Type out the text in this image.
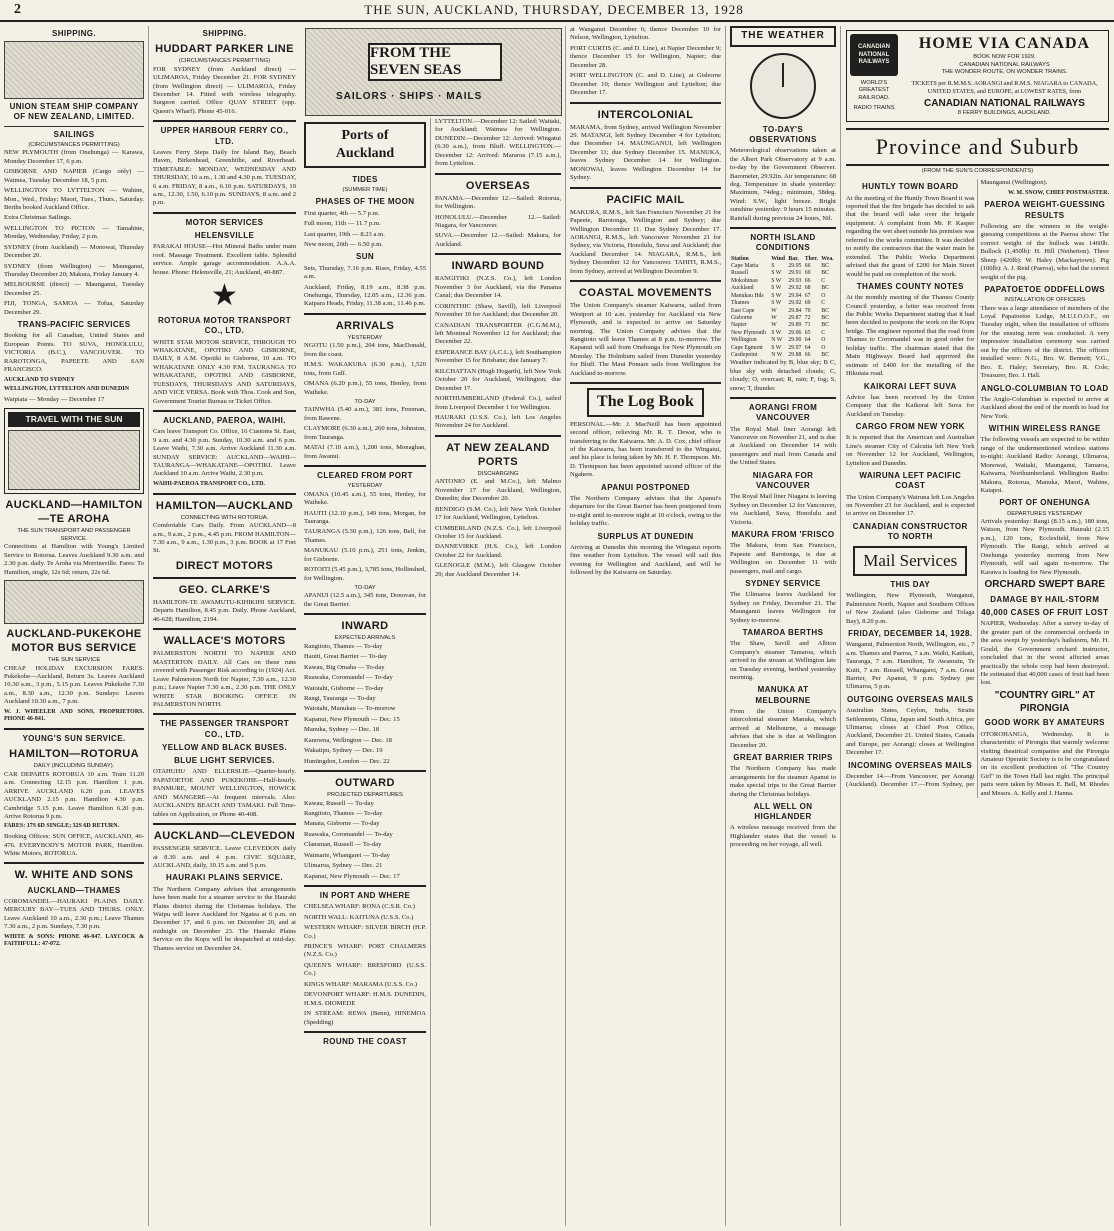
2	THE SUN, AUCKLAND, THURSDAY, DECEMBER 13, 1928
SHIPPING.
UNION STEAM SHIP COMPANY OF NEW ZEALAND, LIMITED.
SAILINGS
(CIRCUMSTANCES PERMITTING)

NEW PLYMOUTH (from Onehunga) — Karawa, Monday December 17, 6 p.m.

GISBORNE AND NAPIER (Cargo only) — Waimea, Tuesday December 18, 5 p.m.

WELLINGTON TO LYTTELTON — Wahine, Mon., Wed., Friday; Maori, Tues., Thurs., Saturday. Berths booked Auckland Office.

Extra Christmas Sailings.

WELLINGTON TO PICTON — Tamahine, Monday, Wednesday, Friday, 2 p.m.

SYDNEY (from Auckland) — Monowai, Thursday December 20.

SYDNEY (from Wellington) — Maunganui, Thursday December 20; Makura, Friday January 4.

MELBOURNE (direct) — Maunganui, Tuesday December 25.

FIJI, TONGA, SAMOA — Tofua, Saturday December 29.

TRANS-PACIFIC SERVICES

Booking for all Canadian, United States and European Points. TO SUVA, HONOLULU, VICTORIA (B.C.), VANCOUVER. TO RAROTONGA, PAPEETE AND SAN FRANCISCO.

AUCKLAND TO SYDNEY

WELLINGTON, LYTTELTON AND DUNEDIN

Waipiata — Monday — December 17

TRAVEL WITH THE SUN
AUCKLAND—HAMILTON—TE AROHA
THE SUN TRANSPORT AND PASSENGER SERVICE.

Connections at Hamilton with Young's Limited Service to Rotorua. Leaves Auckland 9.30 a.m. and 2.30 p.m. daily. Te Aroha via Morrinsville. Fares: To Hamilton, single, 12s 6d; return, 22s 6d.

AUCKLAND-PUKEKOHE MOTOR BUS SERVICE
THE SUN SERVICE

CHEAP HOLIDAY EXCURSION FARES. Pukekohe—Auckland, Return 3s. Leaves Auckland 10.30 a.m., 3 p.m., 5.15 p.m. Leaves Pukekohe 7.30 a.m., 8.30 a.m., 12.30 p.m. Sundays: Leaves Auckland 10.30 a.m., 7 p.m.

W. J. WHEELER AND SONS, PROPRIETORS. PHONE 46-841.

YOUNG'S SUN SERVICE.
HAMILTON—ROTORUA
DAILY (INCLUDING SUNDAY).

CAR DEPARTS ROTORUA 10 a.m. Train 11.20 a.m. Connecting 12.15 p.m. Hamilton 1 p.m. ARRIVE AUCKLAND 6.20 p.m. LEAVES AUCKLAND 2.15 p.m. Hamilton 4.30 p.m. Cambridge 5.15 p.m. Leave Hamilton 6.20 p.m. Arrive Rotorua 9 p.m.

FARES: 17S 6D SINGLE; 32S 6D RETURN.

Booking Offices: SUN OFFICE, AUCKLAND, 46-476. EVERYBODY'S MOTOR PARK, Hamilton. White Motors, ROTORUA.

W. WHITE AND SONS
AUCKLAND—THAMES

COROMANDEL—HAURAKI PLAINS DAILY. MERCURY BAY—TUES AND THURS. ONLY. Leave Auckland 10 a.m., 2.30 p.m.; Leave Thames 7.30 a.m., 2 p.m. Sundays, 7.30 p.m.

WHITE & SONS: PHONE 46-047. LAYCOCK & FAITHFULL: 47-072.

SHIPPING.
HUDDART PARKER LINE
(CIRCUMSTANCES PERMITTING)

FOR SYDNEY (from Auckland direct) — ULIMAROA, Friday December 21. FOR SYDNEY (from Wellington direct) — ULIMAROA, Friday December 14. Fitted with wireless telegraphy. Surgeon carried. Office QUAY STREET (opp. Queen's Wharf). Phone 45-016.

UPPER HARBOUR FERRY CO., LTD.

Leaves Ferry Steps Daily for Island Bay, Beach Haven, Birkenhead, Greenhithe, and Riverhead. TIMETABLE: MONDAY, WEDNESDAY AND THURSDAY, 10 a.m., 1.30 and 4.30 p.m. TUESDAY, 6 a.m. FRIDAY, 8 a.m., 6.10 p.m. SATURDAYS, 10 a.m., 12.30, 1.50, 6.10 p.m. SUNDAYS, 8 a.m. and 2 p.m.

MOTOR SERVICES
HELENSVILLE

PARAKAI HOUSE—Hot Mineral Baths under main roof. Massage Treatment. Excellent table. Splendid service. Ample garage accommodation. A.A.A. house. Phone: Helensville, 21; Auckland, 40-887.

★
ROTORUA MOTOR TRANSPORT CO., LTD.

WHITE STAR MOTOR SERVICE, THROUGH TO WHAKATANE, OPOTIKI AND GISBORNE, DAILY, 8 A.M. Opotiki to Gisborne, 10 a.m. TO WHAKATANE ONLY 4.30 P.M. TAURANGA TO WHAKATANE, OPOTIKI AND GISBORNE, TUESDAYS, THURSDAYS AND SATURDAYS, AND VICE VERSA. Book with Thos. Cook and Son, Government Tourist Bureau or Ticket Office.

AUCKLAND, PAEROA, WAIHI.

Cars leave Transport Co. Office, 16 Customs St. East, 9 a.m. and 4.30 p.m. Sunday, 10.30 a.m. and 6 p.m. Leave Waihi, 7.30 a.m. Arrive Auckland 11.30 a.m. SUNDAY SERVICE: AUCKLAND—WAIHI—TAURANGA—WHAKATANE—OPOTIKI. Leave Auckland 10 a.m. Arrive Waihi, 2.30 p.m.

WAIHI-PAEROA TRANSPORT CO., LTD.

HAMILTON—AUCKLAND
CONNECTING WITH ROTORUA.

Comfortable Cars Daily. From AUCKLAND—8 a.m., 9 a.m., 2 p.m., 4.45 p.m. FROM HAMILTON—7.30 a.m., 9 a.m., 1.30 p.m., 3 p.m. BOOK at 17 Fort St.

DIRECT MOTORS
GEO. CLARKE'S

HAMILTON-TE AWAMUTU-KIHIKIHI SERVICE. Departs Hamilton, 8.45 p.m. Daily. Phone Auckland, 46-628; Hamilton, 2194.

WALLACE'S MOTORS

PALMERSTON NORTH TO NAPIER AND MASTERTON DAILY. All Cars on these runs covered with Passenger Risk according to (1924) Act. Leave Palmerston North for Napier, 7.30 a.m., 12.30 p.m.; Leave Napier 7.30 a.m., 2.30 p.m. THE ONLY WHITE STAR BOOKING OFFICE IN PALMERSTON NORTH.

THE PASSENGER TRANSPORT CO., LTD.
YELLOW AND BLACK BUSES.
BLUE LIGHT SERVICES.

OTAHUHU AND ELLERSLIE—Quarter-hourly. PAPATOETOE AND PUKEKOHE—Half-hourly. PANMURE, MOUNT WELLINGTON, HOWICK AND MANGERE—At frequent intervals. Also: AUCKLAND'S BEACH AND TAMAKI. Full Time-tables on Application, or Phone 40-408.

AUCKLAND—CLEVEDON

PASSENGER SERVICE. Leave CLEVEDON daily at 8.30 a.m. and 4 p.m. CIVIC SQUARE, AUCKLAND, daily, 10.15 a.m. and 5 p.m.

HAURAKI PLAINS SERVICE.

The Northern Company advises that arrangements have been made for a steamer service to the Hauraki Plains district during the Christmas holidays. The Waipu will leave Auckland for Ngatea at 6 p.m. on December 17, and 6 p.m. on December 20, and at midnight on December 23. The Hauraki Plains Service on the Kopu will be despatched at mid-day. Thames service on December 24.

FROM THE SEVEN SEAS
SAILORS · SHIPS · MAILS
Ports of Auckland
TIDES
(SUMMER TIME)
PHASES OF THE MOON

First quarter, 4th — 5.7 p.m.

Full moon, 11th — 11.7 p.m.

Last quarter, 19th — 8.23 a.m.

New moon, 26th — 6.50 p.m.

SUN

Sets, Thursday, 7.16 p.m. Rises, Friday, 4.55 a.m.

Auckland, Friday, 8.19 a.m., 8.38 p.m. Onehunga, Thursday, 12.05 a.m., 12.36 p.m. Kaipara Heads, Friday, 11.38 a.m., 11.46 p.m.

ARRIVALS
YESTERDAY

NGOTU (1.50 p.m.), 204 tons, MacDonald, from the coast.

H.M.S. WAKAKURA (6.30 p.m.), 1,520 tons, from Gulf.

OMANA (6.20 p.m.), 55 tons, Henley, from Waiheke.

TO-DAY

TAINWHA (5.40 a.m.), 381 tons, Freeman, from Rawene.

CLAYMORE (6.30 a.m.), 260 tons, Johnston, from Tauranga.

MATAI (7.10 a.m.), 1,200 tons, Monaghan, from Awanui.

CLEARED FROM PORT
YESTERDAY

OMANA (10.45 a.m.), 55 tons, Henley, for Waiheke.

HAUITI (12.10 p.m.), 149 tons, Morgan, for Tauranga.

TAURANGA (5.30 p.m.), 126 tons, Bell, for Thames.

MANUKAU (5.10 p.m.), 251 tons, Jenkin, for Gisborne.

ROTOITI (5.45 p.m.), 3,785 tons, Hollinshed, for Wellington.

TO-DAY

APANUI (12.5 a.m.), 345 tons, Donovan, for the Great Barrier.

INWARD
EXPECTED ARRIVALS

Rangitoto, Thames — To-day

Hauiti, Great Barrier — To-day

Kawau, Big Omaha — To-day

Ruawaka, Coromandel — To-day

Waiotahi, Gisborne — To-day

Rangi, Tauranga — To-day

Waiotahi, Manukau — To-morrow

Kapanui, New Plymouth — Dec. 15

Manuka, Sydney — Dec. 18

Kanowna, Wellington — Dec. 18

Wakatipu, Sydney — Dec. 19

Huntingdon, London — Dec. 22

OUTWARD
PROJECTED DEPARTURES

Kawau, Russell — To-day

Rangitoto, Thames — To-day

Manaia, Gisborne — To-day

Ruawaka, Coromandel — To-day

Clansman, Russell — To-day

Waimarie, Whangarei — To-day

Ulimaroa, Sydney — Dec. 21

Kapanui, New Plymouth — Dec. 17

IN PORT AND WHERE

CHELSEA WHARF: RONA (C.S.R. Co.)

NORTH WALL: KAITUNA (U.S.S. Co.)

WESTERN WHARF: SILVER BIRCH (H.P. Co.)

PRINCE'S WHARF: PORT CHALMERS (N.Z.S. Co.)

QUEEN'S WHARF: BRESFORD (U.S.S. Co.)

KINGS WHARF: MARAMA (U.S.S. Co.)

DEVONPORT WHARF: H.M.S. DUNEDIN, H.M.S. DIOMEDE

IN STREAM: REWA (Benn), HINEMOA (Spedding)

ROUND THE COAST

LYTTELTON.—December 12: Sailed: Waitaki, for Auckland; Waimea for Wellington. DUNEDIN.—December 12: Arrived: Wingatui (6.30 a.m.), from Bluff. WELLINGTON.—December 12: Arrived: Mararoa (7.15 a.m.), from Lyttelton.

OVERSEAS

PANAMA.—December 12.—Sailed: Rotorua, for Wellington.

HONOLULU.—December 12.—Sailed: Niagara, for Vancouver.

SUVA.—December 12.—Sailed: Makura, for Auckland.

INWARD BOUND

RANGITIKI (N.Z.S. Co.), left London November 3 for Auckland, via the Panama Canal; due December 14.

CORINTHIC (Shaw, Savill), left Liverpool November 10 for Auckland; due December 20.

CANADIAN TRANSPORTER (C.G.M.M.), left Montreal November 12 for Auckland; due December 22.

ESPERANCE BAY (A.C.L.), left Southampton November 15 for Brisbane; due January 7.

KILCHATTAN (Hugh Hogarth), left New York October 20 for Auckland, Wellington; due December 17.

NORTHUMBERLAND (Federal Co.), sailed from Liverpool December 1 for Wellington.

HAURAKI (U.S.S. Co.), left Los Angeles November 24 for Auckland.

AT NEW ZEALAND PORTS
DISCHARGING

ANTONIO (E. and M.Co.), left Malmo November 17 for Auckland, Wellington, Dunedin; due December 20.

BENDIGO (S.M. Co.), left New York October 17 for Auckland, Wellington, Lyttelton.

CUMBERLAND (N.Z.S. Co.), left Liverpool October 15 for Auckland.

DANNEVIRKE (H.S. Co.), left London October 22 for Auckland.

GLENOGLE (M.M.), left Glasgow October 29; due Auckland December 14.

at Wanganui December 6; thence December 10 for Nelson, Wellington, Lyttelton.

PORT CURTIS (C. and D. Line), at Napier December 9; thence December 15 for Wellington, Napier; due December 28.

PORT WELLINGTON (C. and D. Line), at Gisborne December 10; thence Wellington and Lyttelton; due December 17.

INTERCOLONIAL

MARAMA, from Sydney, arrived Wellington November 29. MATANGI, left Sydney December 4 for Lyttelton; due December 14. MAUNGANUI, left Wellington December 11; due Sydney December 15. MANUKA, leaves Sydney December 14 for Wellington. MONOWAI, leaves Wellington December 14 for Sydney.

PACIFIC MAIL

MAKURA, R.M.S., left San Francisco November 21 for Papeete, Rarotonga, Wellington and Sydney; due Wellington December 11. Due Sydney December 17. AORANGI, R.M.S., left Vancouver November 21 for Sydney, via Victoria, Honolulu, Suva and Auckland; due Auckland December 14. NIAGARA, R.M.S., left Sydney December 12 for Vancouver. TAHITI, R.M.S., from Sydney, arrived at Wellington December 9.

COASTAL MOVEMENTS

The Union Company's steamer Kaiwarra, sailed from Westport at 10 a.m. yesterday for Auckland via New Plymouth, and is expected to arrive on Saturday morning. The Union Company advises that the Rangitoto will leave Thames at 8 p.m. to-morrow. The Kapanui will sail from Onehunga for New Plymouth on Monday. The Holmburn sailed from Dunedin yesterday for Bluff. The Maui Pomare sails from Wellington for Auckland to-morrow.

The Log Book

PERSONAL.—Mr. J. MacNeill has been appointed second officer, relieving Mr. R. T. Dewar, who is transferring to the Kaiwarra. Mr. A. D. Cox, chief officer of the Kaiwarra, has been transferred to the Wingatui, and his place is being taken by Mr. H. F. Thompson. Mr. D. Thompson has been appointed second officer of the Ngahere.

APANUI POSTPONED

The Northern Company advises that the Apanui's departure for the Great Barrier has been postponed from to-night until to-morrow night at 10 o'clock, owing to the holiday traffic.

SURPLUS AT DUNEDIN

Arriving at Dunedin this morning the Wingatui reports fine weather from Lyttelton. The vessel will sail this evening for Wellington and Auckland, and will be followed by the Kaiwarra on Saturday.

THE WEATHER
TO-DAY'S OBSERVATIONS

Meteorological observations taken at the Albert Park Observatory at 9 a.m. to-day by the Government Observer. Barometer, 29.92in. Air temperature: 68 deg. Temperature in shade yesterday: Maximum, 74deg.; minimum, 58deg. Wind: S.W., light breeze. Bright sunshine yesterday: 9 hours 15 minutes. Rainfall during previous 24 hours, Nil.

NORTH ISLAND CONDITIONS
Station	Wind	Bar.	Ther.	Wea.
Cape Maria	S	29.95	66	BC
Russell	S W	29.91	69	BC
Mokohinau	S W	29.93	66	C
Auckland	S W	29.92	68	BC
Manukau Hds	S W	29.94	67	O
Thames	S W	29.92	69	C
East Cape	W	29.84	70	BC
Gisborne	W	29.87	72	BC
Napier	W	29.89	71	BC
New Plymouth	S W	29.96	65	C
Wellington	N W	29.90	64	O
Cape Egmont	S W	29.97	64	O
Castlepoint	N W	29.88	66	BC

Weather indicated by B, blue sky; B C, blue sky with detached clouds; C, cloudy; O, overcast; R, rain; F, fog; S, snow; T, thunder.

AORANGI FROM VANCOUVER

The Royal Mail liner Aorangi left Vancouver on November 21, and is due at Auckland on December 14 with passengers and mail from Canada and the United States.

NIAGARA FOR VANCOUVER

The Royal Mail liner Niagara is leaving Sydney on December 12 for Vancouver, via Auckland, Suva, Honolulu and Victoria.

MAKURA FROM 'FRISCO

The Makura, from San Francisco, Papeete and Rarotonga, is due at Wellington on December 11 with passengers, mail and cargo.

SYDNEY SERVICE

The Ulimaroa leaves Auckland for Sydney on Friday, December 21. The Maunganui leaves Wellington for Sydney to-morrow.

TAMAROA BERTHS

The Shaw, Savill and Albion Company's steamer Tamaroa, which arrived in the stream at Wellington late on Tuesday evening, berthed yesterday morning.

MANUKA AT MELBOURNE

From the Union Company's intercolonial steamer Manuka, which arrived at Melbourne, a message advises that she is due at Wellington December 20.

GREAT BARRIER TRIPS

The Northern Company has made arrangements for the steamer Apanui to make special trips to the Great Barrier during the Christmas holidays.

ALL WELL ON HIGHLANDER

A wireless message received from the Highlander states that the vessel is proceeding on her voyage, all well.

CANADIAN NATIONAL RAILWAYS
HOME VIA CANADA
BOOK NOW FOR 1929.
CANADIAN NATIONAL RAILWAYS
THE WONDER ROUTE, ON WONDER TRAINS.
WORLD'S GREATEST RAILROAD.
RADIO TRAINS

TICKETS per R.M.M.S. AORANGI and R.M.S. NIAGARA to CANADA, UNITED STATES, and EUROPE, at LOWEST RATES, from

CANADIAN NATIONAL RAILWAYS
8 FERRY BUILDINGS, AUCKLAND.
Province and Suburb
(FROM THE SUN'S CORRESPONDENTS)
HUNTLY TOWN BOARD

At the meeting of the Huntly Town Board it was reported that the fire brigade has decided to ask that the board will take over the brigade equipment. A complaint from Mr. P. Kasper regarding the wet sheet outside his premises was referred to the works committee. It was decided to notify the contractors that the water main be extended. The Public Works Department advised that the grant of £200 for Main Street would be paid on completion of the work.

THAMES COUNTY NOTES

At the monthly meeting of the Thames County Council yesterday, a letter was received from the Public Works Department stating that it had been decided to postpone the work on the Kopu bridge. The engineer reported that the road from Thames to Coromandel was in good order for holiday traffic. The chairman stated that the Main Highways Board had approved the estimate of £400 for the metalling of the Hikutaia road.

KAIKORAI LEFT SUVA

Advice has been received by the Union Company that the Kaikorai left Suva for Auckland on Tuesday.

CARGO FROM NEW YORK

It is reported that the American and Australian Line's steamer City of Calcutta left New York on November 12 for Auckland, Wellington, Lyttelton and Dunedin.

WAIRUNA LEFT PACIFIC COAST

The Union Company's Wairuna left Los Angeles on November 23 for Auckland, and is expected to arrive on December 17.

CANADIAN CONSTRUCTOR TO NORTH
Mail Services
THIS DAY

Wellington, New Plymouth, Wanganui, Palmerston North, Napier and Southern Offices of New Zealand (also Gisborne and Tolaga Bay), 8.20 p.m.

FRIDAY, DECEMBER 14, 1928.

Wanganui, Palmerston North, Wellington, etc., 7 a.m. Thames and Paeroa, 7 a.m. Waihi, Katikati, Tauranga, 7 a.m. Hamilton, Te Awamutu, Te Kuiti, 7 a.m. Russell, Whangarei, 7 a.m. Great Barrier, Per Apanui, 9 p.m. Sydney per Ulimaroa, 5 p.m.

OUTGOING OVERSEAS MAILS

Australian States, Ceylon, India, Straits Settlements, China, Japan and South Africa, per Ulimaroa; closes at Chief Post Office, Auckland, December 21. United States, Canada and Europe, per Aorangi; closes at Wellington December 17.

INCOMING OVERSEAS MAILS

December 14.—From Vancouver, per Aorangi (Auckland). December 17.—From Sydney, per Maunganui (Wellington).

W. M. SNOW, CHIEF POSTMASTER.

PAEROA WEIGHT-GUESSING RESULTS

Following are the winners in the weight-guessing competitions at the Paeroa show: The correct weight of the bullock was 1460lb. Bullock (1,450lb): H. Hill (Netherton). Three Sheep (420lb): W. Haley (Mackaytown). Pig (100lb): A. J. Reid (Paeroa), who had the correct weight of the pig.

PAPATOETOE ODDFELLOWS
INSTALLATION OF OFFICERS

There was a large attendance of members of the Loyal Papatoetoe Lodge, M.U.I.O.O.F., on Tuesday night, when the installation of officers for the ensuing term was conducted. A very impressive installation ceremony was carried out by the officers of the district. The officers installed were: N.G., Bro. W. Bennett; V.G., Bro. E. Haley; Secretary, Bro. R. Cole; Treasurer, Bro. J. Hall.

ANGLO-COLUMBIAN TO LOAD

The Anglo-Columbian is expected to arrive at Auckland about the end of the month to load for New York.

WITHIN WIRELESS RANGE

The following vessels are expected to be within range of the undermentioned wireless stations to-night: Auckland Radio: Aorangi, Ulimaroa, Monowai, Waitaki, Maunganui, Tamaroa, Kaiwarra, Northumberland. Wellington Radio: Makura, Rotorua, Manuka, Maori, Wahine, Kaiapoi.

PORT OF ONEHUNGA
DEPARTURES YESTERDAY

Arrivals yesterday: Rangi (8.15 a.m.), 180 tons, Watson, from New Plymouth. Hauraki (2.15 p.m.), 120 tons, Ecclesfield, from New Plymouth. The Rangi, which arrived at Onehunga yesterday morning from New Plymouth, will sail again to-morrow. The Karawa is loading for New Plymouth.

ORCHARD SWEPT BARE
DAMAGE BY HAIL-STORM
40,000 CASES OF FRUIT LOST

NAPIER, Wednesday. After a survey to-day of the greater part of the commercial orchards in the area swept by yesterday's hailstorm, Mr. H. Gould, the Government orchard instructor, concluded that in the worst affected areas practically the whole crop had been destroyed. He estimated that 40,000 cases of fruit had been lost.

"COUNTRY GIRL" AT PIRONGIA
GOOD WORK BY AMATEURS

OTOROHANGA, Wednesday. It is characteristic of Pirongia that warmly welcome visiting theatrical companies and the Pirongia Amateur Operatic Society is to be congratulated on its excellent production of "The Country Girl" in the Town Hall last night. The principal parts were taken by Misses E. Bell, M. Rhodes and Messrs. A. Kelly and J. Hanna.
